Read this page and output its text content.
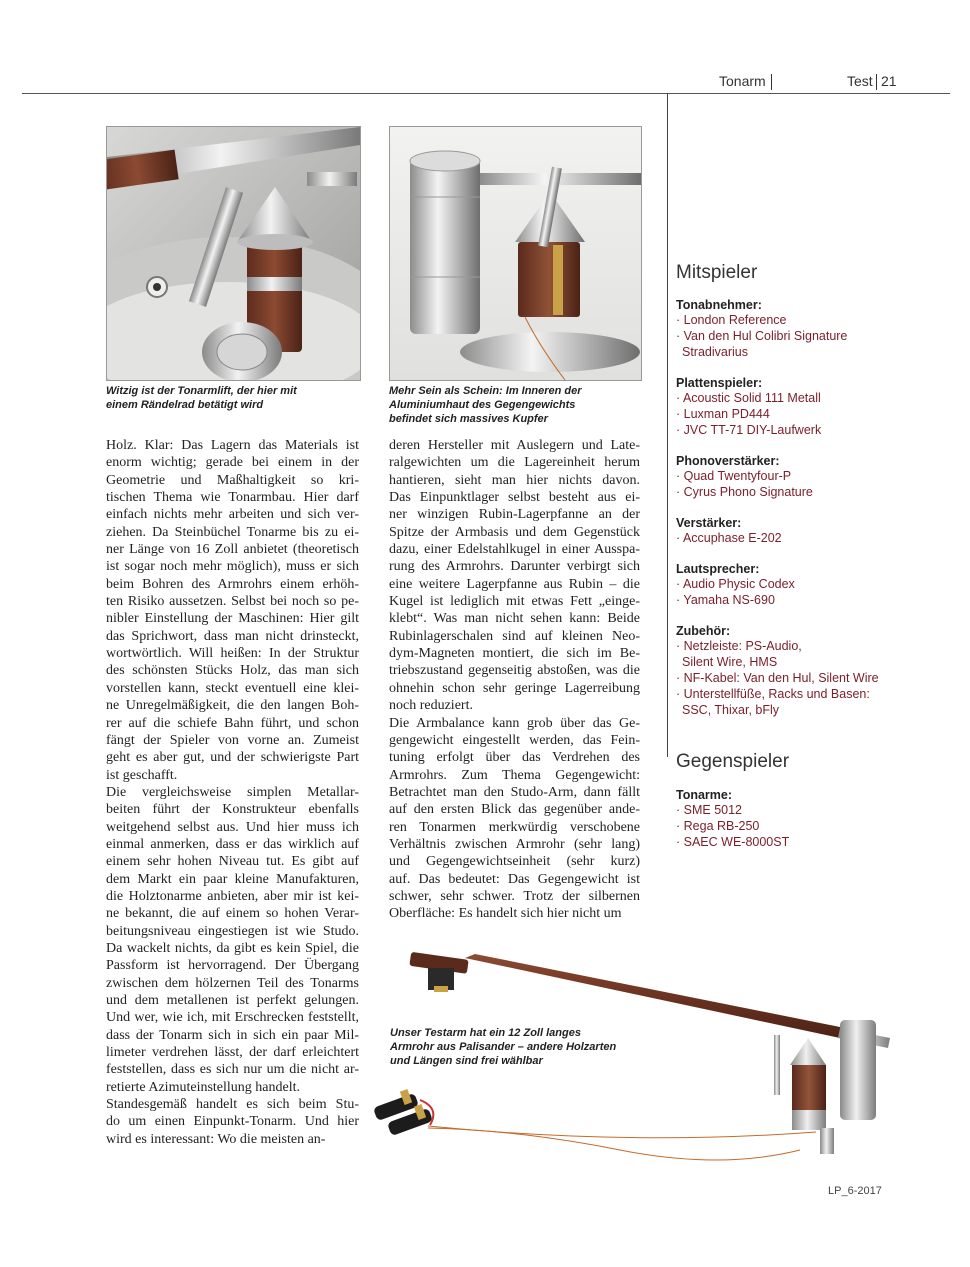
Tonarm	Test 21
Witzig ist der Tonarmlift, der hier mit
einem Rändelrad betätigt wird
Mehr Sein als Schein: Im Inneren der
Aluminiumhaut des Gegengewichts
befindet sich massives Kupfer
Holz. Klar: Das Lagern das Materials ist
enorm wichtig; gerade bei einem in der
Geometrie und Maßhaltigkeit so kri-
tischen Thema wie Tonarmbau. Hier darf
einfach nichts mehr arbeiten und sich ver-
ziehen. Da Steinbüchel Tonarme bis zu ei-
ner Länge von 16 Zoll anbietet (theoretisch
ist sogar noch mehr möglich), muss er sich
beim Bohren des Armrohrs einem erhöh-
ten Risiko aussetzen. Selbst bei noch so pe-
nibler Einstellung der Maschinen: Hier gilt
das Sprichwort, dass man nicht drinsteckt,
wortwörtlich. Will heißen: In der Struktur
des schönsten Stücks Holz, das man sich
vorstellen kann, steckt eventuell eine klei-
ne Unregelmäßigkeit, die den langen Boh-
rer auf die schiefe Bahn führt, und schon
fängt der Spieler von vorne an. Zumeist
geht es aber gut, und der schwierigste Part
ist geschafft.
Die vergleichsweise simplen Metallar-
beiten führt der Konstrukteur ebenfalls
weitgehend selbst aus. Und hier muss ich
einmal anmerken, dass er das wirklich auf
einem sehr hohen Niveau tut. Es gibt auf
dem Markt ein paar kleine Manufakturen,
die Holztonarme anbieten, aber mir ist kei-
ne bekannt, die auf einem so hohen Verar-
beitungsniveau eingestiegen ist wie Studo.
Da wackelt nichts, da gibt es kein Spiel, die
Passform ist hervorragend. Der Übergang
zwischen dem hölzernen Teil des Tonarms
und dem metallenen ist perfekt gelungen.
Und wer, wie ich, mit Erschrecken feststellt,
dass der Tonarm sich in sich ein paar Mil-
limeter verdrehen lässt, der darf erleichtert
feststellen, dass es sich nur um die nicht ar-
retierte Azimuteinstellung handelt.
Standesgemäß handelt es sich beim Stu-
do um einen Einpunkt-Tonarm. Und hier
wird es interessant: Wo die meisten an-
deren Hersteller mit Auslegern und Late-
ralgewichten um die Lagereinheit herum
hantieren, sieht man hier nichts davon.
Das Einpunktlager selbst besteht aus ei-
ner winzigen Rubin-Lagerpfanne an der
Spitze der Armbasis und dem Gegenstück
dazu, einer Edelstahlkugel in einer Ausspa-
rung des Armrohrs. Darunter verbirgt sich
eine weitere Lagerpfanne aus Rubin – die
Kugel ist lediglich mit etwas Fett „einge-
klebt“. Was man nicht sehen kann: Beide
Rubinlagerschalen sind auf kleinen Neo-
dym-Magneten montiert, die sich im Be-
triebszustand gegenseitig abstoßen, was die
ohnehin schon sehr geringe Lagerreibung
noch reduziert.
Die Armbalance kann grob über das Ge-
gengewicht eingestellt werden, das Fein-
tuning erfolgt über das Verdrehen des
Armrohrs. Zum Thema Gegengewicht:
Betrachtet man den Studo-Arm, dann fällt
auf den ersten Blick das gegenüber ande-
ren Tonarmen merkwürdig verschobene
Verhältnis zwischen Armrohr (sehr lang)
und Gegengewichtseinheit (sehr kurz)
auf. Das bedeutet: Das Gegengewicht ist
schwer, sehr schwer. Trotz der silbernen
Oberfläche: Es handelt sich hier nicht um
Mitspieler

Tonabnehmer:

· London Reference

· Van den Hul Colibri Signature

Stradivarius

Plattenspieler:

· Acoustic Solid 111 Metall

· Luxman PD444

· JVC TT-71 DIY-Laufwerk

Phonoverstärker:

· Quad Twentyfour-P

· Cyrus Phono Signature

Verstärker:

· Accuphase E-202

Lautsprecher:

· Audio Physic Codex

· Yamaha NS-690

Zubehör:

· Netzleiste: PS-Audio,

Silent Wire, HMS

· NF-Kabel: Van den Hul, Silent Wire

· Unterstellfüße, Racks und Basen:

SSC, Thixar, bFly

Gegenspieler

Tonarme:

· SME 5012

· Rega RB-250

· SAEC WE-8000ST

Unser Testarm hat ein 12 Zoll langes
Armrohr aus Palisander – andere Holzarten
und Längen sind frei wählbar
LP_6-2017
